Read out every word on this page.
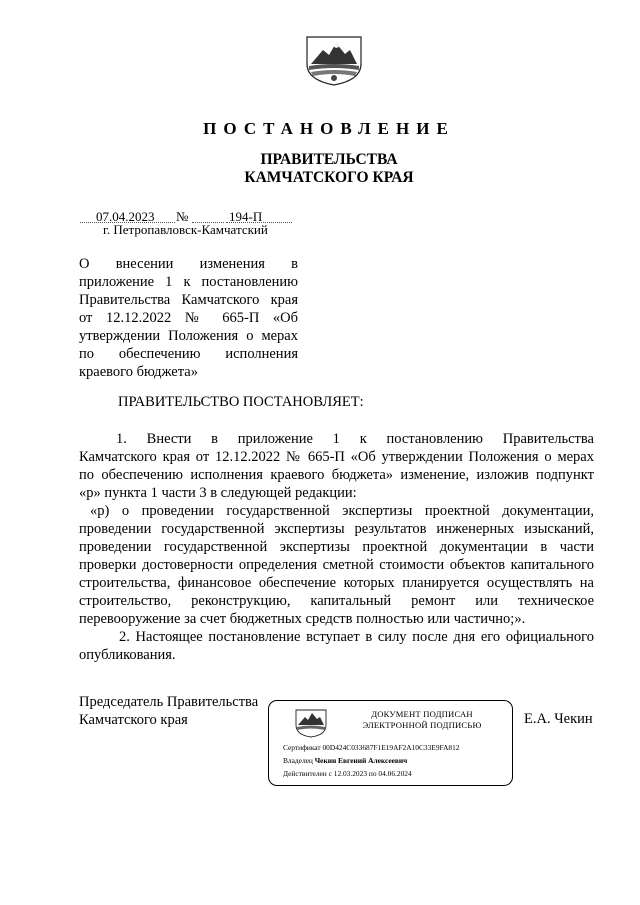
ПОСТАНОВЛЕНИЕ
ПРАВИТЕЛЬСТВА
КАМЧАТСКОГО КРАЯ
07.04.2023 №	194-П
г. Петропавловск-Камчатский
О внесении изменения в
приложение 1 к постановлению
Правительства Камчатского края
от 12.12.2022 № 665-П «Об
утверждении Положения о мерах
по обеспечению исполнения
краевого бюджета»
ПРАВИТЕЛЬСТВО ПОСТАНОВЛЯЕТ:
1. Внести в приложение 1 к постановлению Правительства
Камчатского края от 12.12.2022 № 665-П «Об утверждении Положения о мерах
по обеспечению исполнения краевого бюджета» изменение, изложив подпункт
«р» пункта 1 части 3 в следующей редакции:
«р) о проведении государственной экспертизы проектной документации,
проведении государственной экспертизы результатов инженерных изысканий,
проведении государственной экспертизы проектной документации в части
проверки достоверности определения сметной стоимости объектов капитального
строительства, финансовое обеспечение которых планируется осуществлять на
строительство, реконструкцию, капитальный ремонт или техническое
перевооружение за счет бюджетных средств полностью или частично;».
2. Настоящее постановление вступает в силу после дня его официального
опубликования.
Председатель Правительства
Камчатского края	ДОКУМЕНТ ПОДПИСАН
ЭЛЕКТРОННОЙ ПОДПИСЬЮ
Сертификат 00D424C03368​7F1E19AF2A10C33E9FA812
Владелец Чекин Евгений Алексеевич
Действителен с 12.03.2023 по 04.06.2024
Е.А. Чекин
